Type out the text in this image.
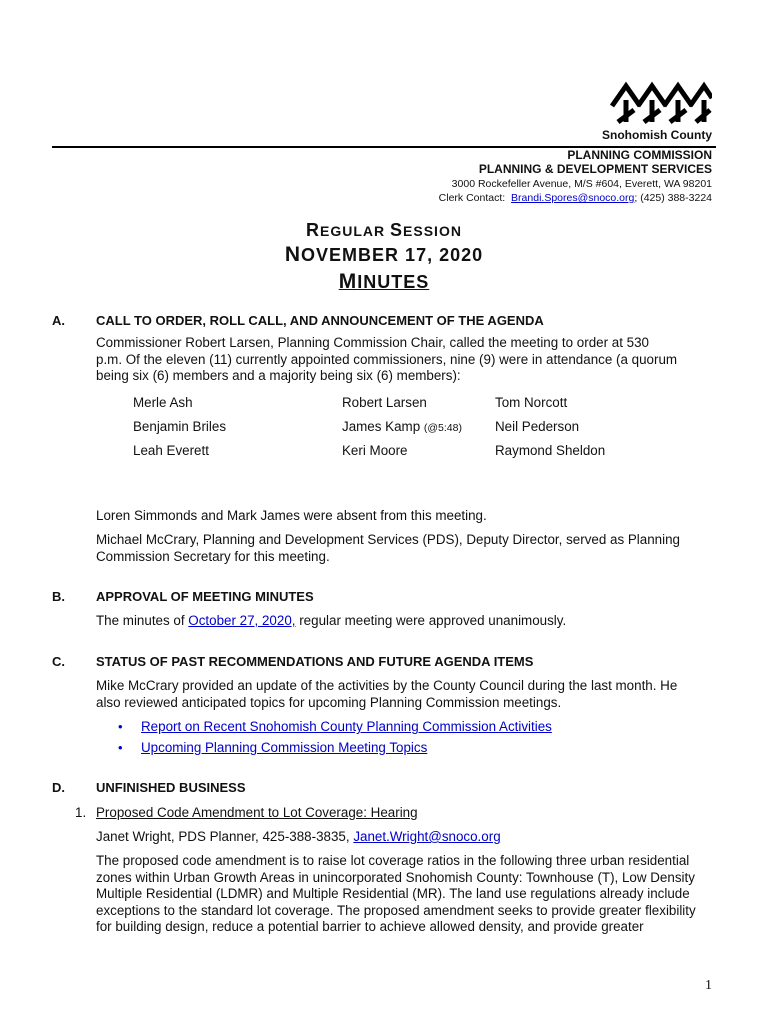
Snohomish County
PLANNING COMMISSION
PLANNING & DEVELOPMENT SERVICES
3000 Rockefeller Avenue, M/S #604, Everett, WA 98201
Clerk Contact: Brandi.Spores@snoco.org; (425) 388-3224
REGULAR SESSION
NOVEMBER 17, 2020
MINUTES
A. CALL TO ORDER, ROLL CALL, AND ANNOUNCEMENT OF THE AGENDA
Commissioner Robert Larsen, Planning Commission Chair, called the meeting to order at 530
p.m. Of the eleven (11) currently appointed commissioners, nine (9) were in attendance (a quorum
being six (6) members and a majority being six (6) members):
Merle Ash	Robert Larsen	Tom Norcott
Benjamin Briles	James Kamp (@5:48) Neil Pederson
Leah Everett	Keri Moore	Raymond Sheldon
Loren Simmonds and Mark James were absent from this meeting.
Michael McCrary, Planning and Development Services (PDS), Deputy Director, served as Planning
Commission Secretary for this meeting.
B. APPROVAL OF MEETING MINUTES
The minutes of October 27, 2020, regular meeting were approved unanimously.
C. STATUS OF PAST RECOMMENDATIONS AND FUTURE AGENDA ITEMS
Mike McCrary provided an update of the activities by the County Council during the last month. He
also reviewed anticipated topics for upcoming Planning Commission meetings.
• Report on Recent Snohomish County Planning Commission Activities
• Upcoming Planning Commission Meeting Topics
D. UNFINISHED BUSINESS
1. Proposed Code Amendment to Lot Coverage: Hearing
Janet Wright, PDS Planner, 425-388-3835, Janet.Wright@snoco.org
The proposed code amendment is to raise lot coverage ratios in the following three urban residential
zones within Urban Growth Areas in unincorporated Snohomish County: Townhouse (T), Low Density
Multiple Residential (LDMR) and Multiple Residential (MR). The land use regulations already include
exceptions to the standard lot coverage. The proposed amendment seeks to provide greater flexibility
for building design, reduce a potential barrier to achieve allowed density, and provide greater
1
